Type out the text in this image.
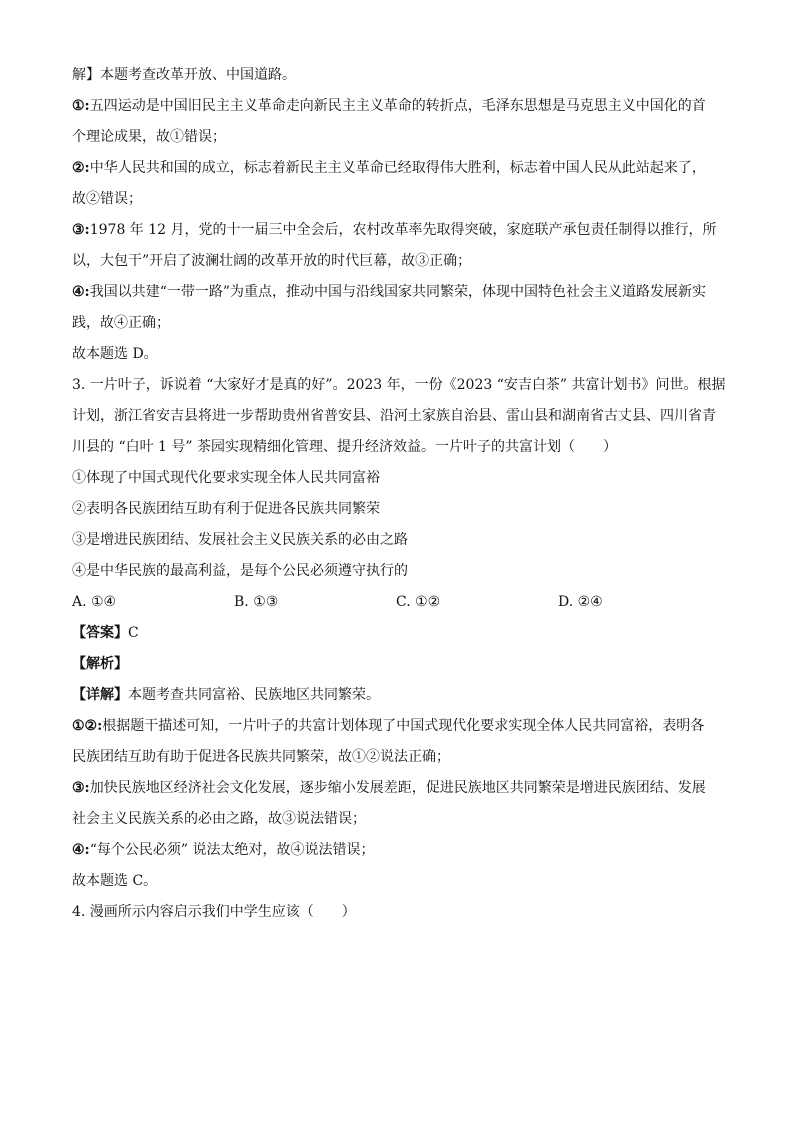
解】本题考查改革开放、中国道路。
①:五四运动是中国旧民主主义革命走向新民主主义革命的转折点，毛泽东思想是马克思主义中国化的首
个理论成果，故①错误；
②:中华人民共和国的成立，标志着新民主主义革命已经取得伟大胜利，标志着中国人民从此站起来了，
故②错误；
③:1978 年 12 月，党的十一届三中全会后，农村改革率先取得突破，家庭联产承包责任制得以推行，所
以，大包干”开启了波澜壮阔的改革开放的时代巨幕，故③正确；
④:我国以共建“一带一路”为重点，推动中国与沿线国家共同繁荣，体现中国特色社会主义道路发展新实
践，故④正确；
故本题选 D。
3. 一片叶子，诉说着 “大家好才是真的好”。2023 年，一份《2023 “安吉白茶” 共富计划书》问世。根据
计划，浙江省安吉县将进一步帮助贵州省普安县、沿河土家族自治县、雷山县和湖南省古丈县、四川省青
川县的 “白叶 1 号” 茶园实现精细化管理、提升经济效益。一片叶子的共富计划（　　）
①体现了中国式现代化要求实现全体人民共同富裕
②表明各民族团结互助有利于促进各民族共同繁荣
③是增进民族团结、发展社会主义民族关系的必由之路
④是中华民族的最高利益，是每个公民必须遵守执行的
A. ①④	B. ①③	C. ①②	D. ②④
【答案】C
【解析】
【详解】本题考查共同富裕、民族地区共同繁荣。
①②:根据题干描述可知，一片叶子的共富计划体现了中国式现代化要求实现全体人民共同富裕，表明各
民族团结互助有助于促进各民族共同繁荣，故①②说法正确；
③:加快民族地区经济社会文化发展，逐步缩小发展差距，促进民族地区共同繁荣是增进民族团结、发展
社会主义民族关系的必由之路，故③说法错误；
④:“每个公民必须” 说法太绝对，故④说法错误；
故本题选 C。
4. 漫画所示内容启示我们中学生应该（　　）
